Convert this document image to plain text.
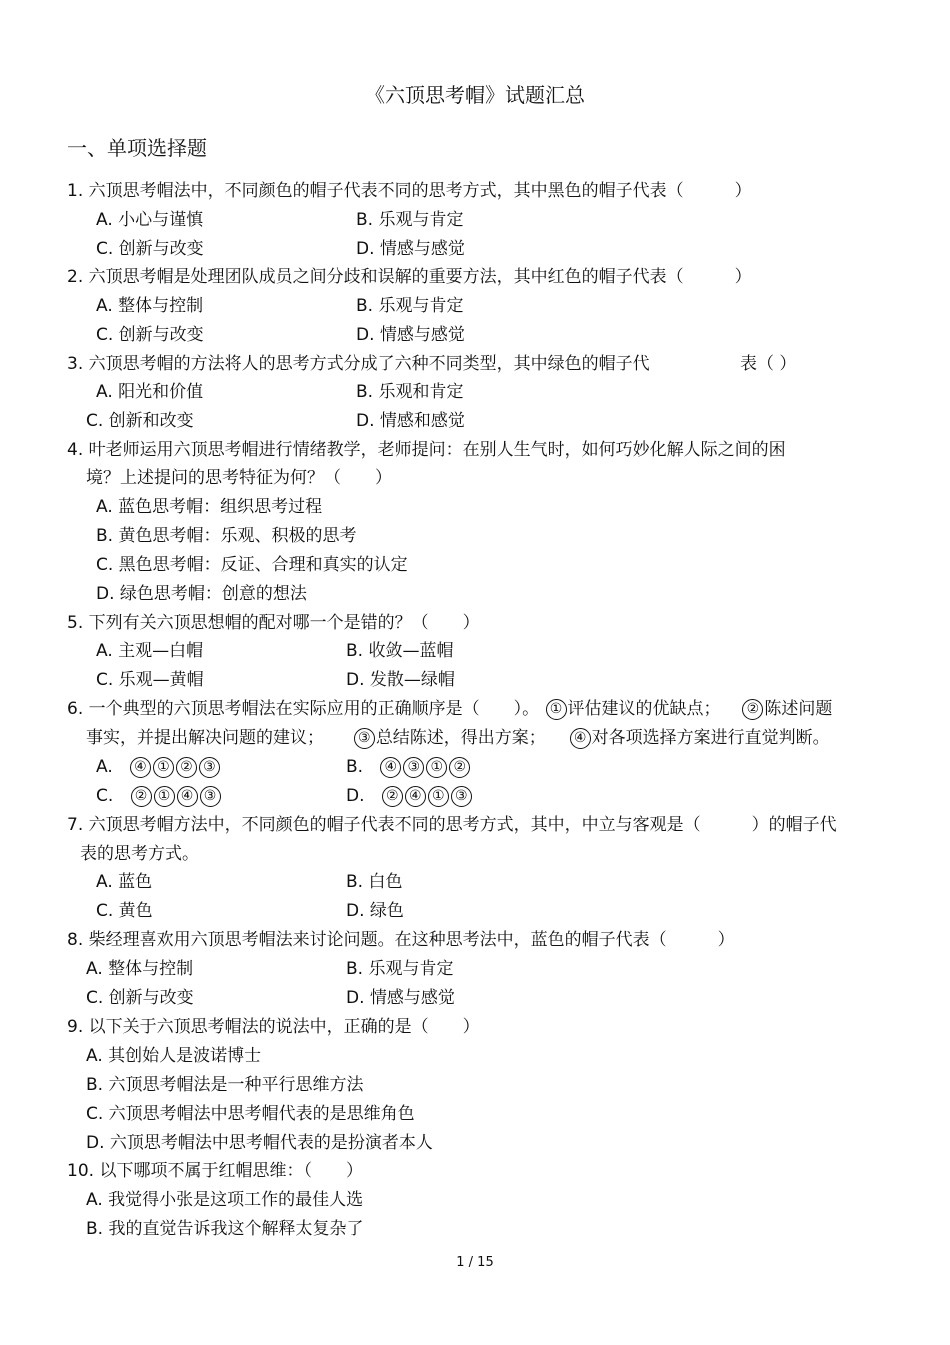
《六顶思考帽》试题汇总
一、单项选择题
1. 六顶思考帽法中，不同颜色的帽子代表不同的思考方式，其中黑色的帽子代表（　　　）
A. 小心与谨慎	B. 乐观与肯定
C. 创新与改变	D. 情感与感觉
2. 六顶思考帽是处理团队成员之间分歧和误解的重要方法，其中红色的帽子代表（　　　）
A. 整体与控制	B. 乐观与肯定
C. 创新与改变	D. 情感与感觉
3. 六顶思考帽的方法将人的思考方式分成了六种不同类型，其中绿色的帽子代	表（ ）
A. 阳光和价值	B. 乐观和肯定
C. 创新和改变	D. 情感和感觉
4. 叶老师运用六顶思考帽进行情绪教学，老师提问：在别人生气时，如何巧妙化解人际之间的困
境？上述提问的思考特征为何？（　　）
A. 蓝色思考帽：组织思考过程
B. 黄色思考帽：乐观、积极的思考
C. 黑色思考帽：反证、合理和真实的认定
D. 绿色思考帽：创意的想法
5. 下列有关六顶思想帽的配对哪一个是错的？（　　）
A. 主观—白帽	B. 收敛—蓝帽
C. 乐观—黄帽	D. 发散—绿帽
6. 一个典型的六顶思考帽法在实际应用的正确顺序是（　　）。 ① 评估建议的优缺点； ② 陈述问题
事实，并提出解决问题的建议； ③ 总结陈述，得出方案； ④ 对各项选择方案进行直觉判断。
A. ④ ① ② ③	B. ④ ③ ① ②
C. ② ① ④ ③	D. ② ④ ① ③
7. 六顶思考帽方法中，不同颜色的帽子代表不同的思考方式，其中，中立与客观是（　　　）的帽子代
表的思考方式。
A. 蓝色	B. 白色
C. 黄色	D. 绿色
8. 柴经理喜欢用六顶思考帽法来讨论问题。在这种思考法中，蓝色的帽子代表（　　　）
A. 整体与控制	B. 乐观与肯定
C. 创新与改变	D. 情感与感觉
9. 以下关于六顶思考帽法的说法中，正确的是（　　）
A. 其创始人是波诺博士
B. 六顶思考帽法是一种平行思维方法
C. 六顶思考帽法中思考帽代表的是思维角色
D. 六顶思考帽法中思考帽代表的是扮演者本人
10. 以下哪项不属于红帽思维：（　　）
A. 我觉得小张是这项工作的最佳人选
B. 我的直觉告诉我这个解释太复杂了
1 / 15
